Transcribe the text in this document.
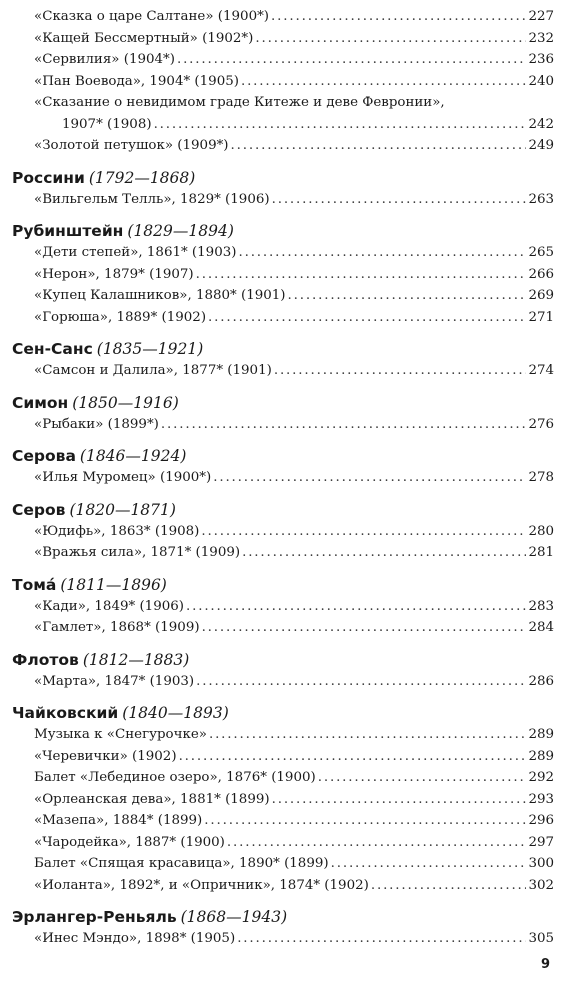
«Сказка о царе Салтане» (1900*) . . .	227
«Кащей Бессмертный» (1902*) . . .	232
«Сервилия» (1904*) . . .	236
«Пан Воевода», 1904* (1905) . . .	240
«Сказание о невидимом граде Китеже и деве Февронии»,
1907* (1908) . . .	242
«Золотой петушок» (1909*) . . .	249
Россини (1792—1868)
«Вильгельм Телль», 1829* (1906) . . .	263
Рубинштейн (1829—1894)
«Дети степей», 1861* (1903) . . .	265
«Нерон», 1879* (1907) . . .	266
«Купец Калашников», 1880* (1901) . . .	269
«Горюша», 1889* (1902) . . .	271
Сен-Санс (1835—1921)
«Самсон и Далила», 1877* (1901) . . .	274
Симон (1850—1916)
«Рыбаки» (1899*) . . .	276
Серова (1846—1924)
«Илья Муромец» (1900*) . . .	278
Серов (1820—1871)
«Юдифь», 1863* (1908) . . .	280
«Вражья сила», 1871* (1909) . . .	281
Тома́ (1811—1896)
«Кади», 1849* (1906) . . .	283
«Гамлет», 1868* (1909) . . .	284
Флотов (1812—1883)
«Марта», 1847* (1903) . . .	286
Чайковский (1840—1893)
Музыка к «Снегурочке» . . .	289
«Черевички» (1902) . . .	289
Балет «Лебединое озеро», 1876* (1900) . . .	292
«Орлеанская дева», 1881* (1899) . . .	293
«Мазепа», 1884* (1899) . . .	296
«Чародейка», 1887* (1900) . . .	297
Балет «Спящая красавица», 1890* (1899) . . .	300
«Иоланта», 1892*, и «Опричник», 1874* (1902) . . .	302
Эрлангер-Реньяль (1868—1943)
«Инес Мэндо», 1898* (1905) . . .	305
9
